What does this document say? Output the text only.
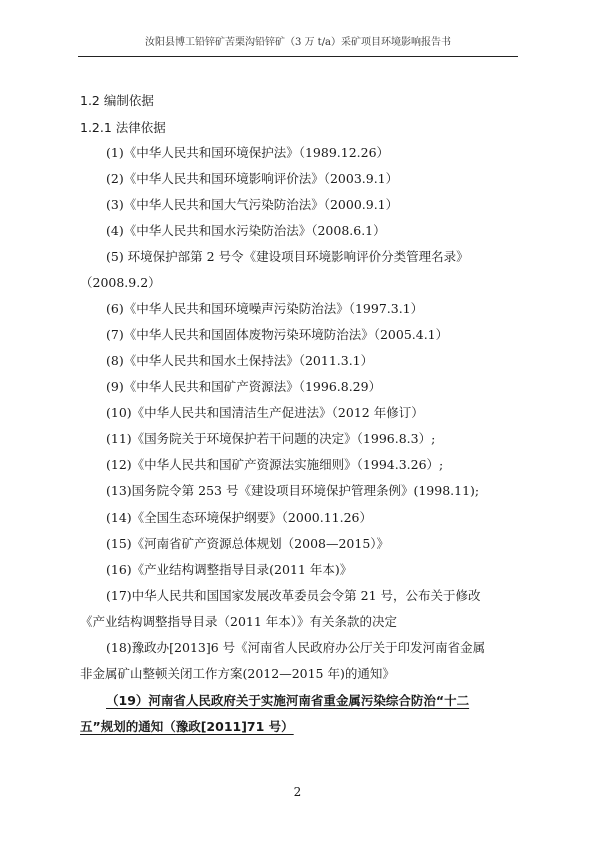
汝阳县博工铅锌矿苦栗沟铅锌矿（3 万 t/a）采矿项目环境影响报告书
1.2 编制依据
1.2.1 法律依据
(1)《中华人民共和国环境保护法》（1989.12.26）
(2)《中华人民共和国环境影响评价法》（2003.9.1）
(3)《中华人民共和国大气污染防治法》（2000.9.1）
(4)《中华人民共和国水污染防治法》（2008.6.1）
(5) 环境保护部第 2 号令《建设项目环境影响评价分类管理名录》
（2008.9.2）
(6)《中华人民共和国环境噪声污染防治法》（1997.3.1）
(7)《中华人民共和国固体废物污染环境防治法》（2005.4.1）
(8)《中华人民共和国水土保持法》（2011.3.1）
(9)《中华人民共和国矿产资源法》（1996.8.29）
(10)《中华人民共和国清洁生产促进法》（2012 年修订）
(11)《国务院关于环境保护若干问题的决定》（1996.8.3）;
(12)《中华人民共和国矿产资源法实施细则》（1994.3.26）;
(13)国务院令第 253 号《建设项目环境保护管理条例》(1998.11);
(14)《全国生态环境保护纲要》（2000.11.26）
(15)《河南省矿产资源总体规划（2008—2015）》
(16)《产业结构调整指导目录(2011 年本)》
(17)中华人民共和国国家发展改革委员会令第 21 号，公布关于修改
《产业结构调整指导目录（2011 年本）》有关条款的决定
(18)豫政办[2013]6 号《河南省人民政府办公厅关于印发河南省金属
非金属矿山整顿关闭工作方案(2012—2015 年)的通知》
（19）河南省人民政府关于实施河南省重金属污染综合防治“十二
五”规划的通知（豫政[2011]71 号）
2
